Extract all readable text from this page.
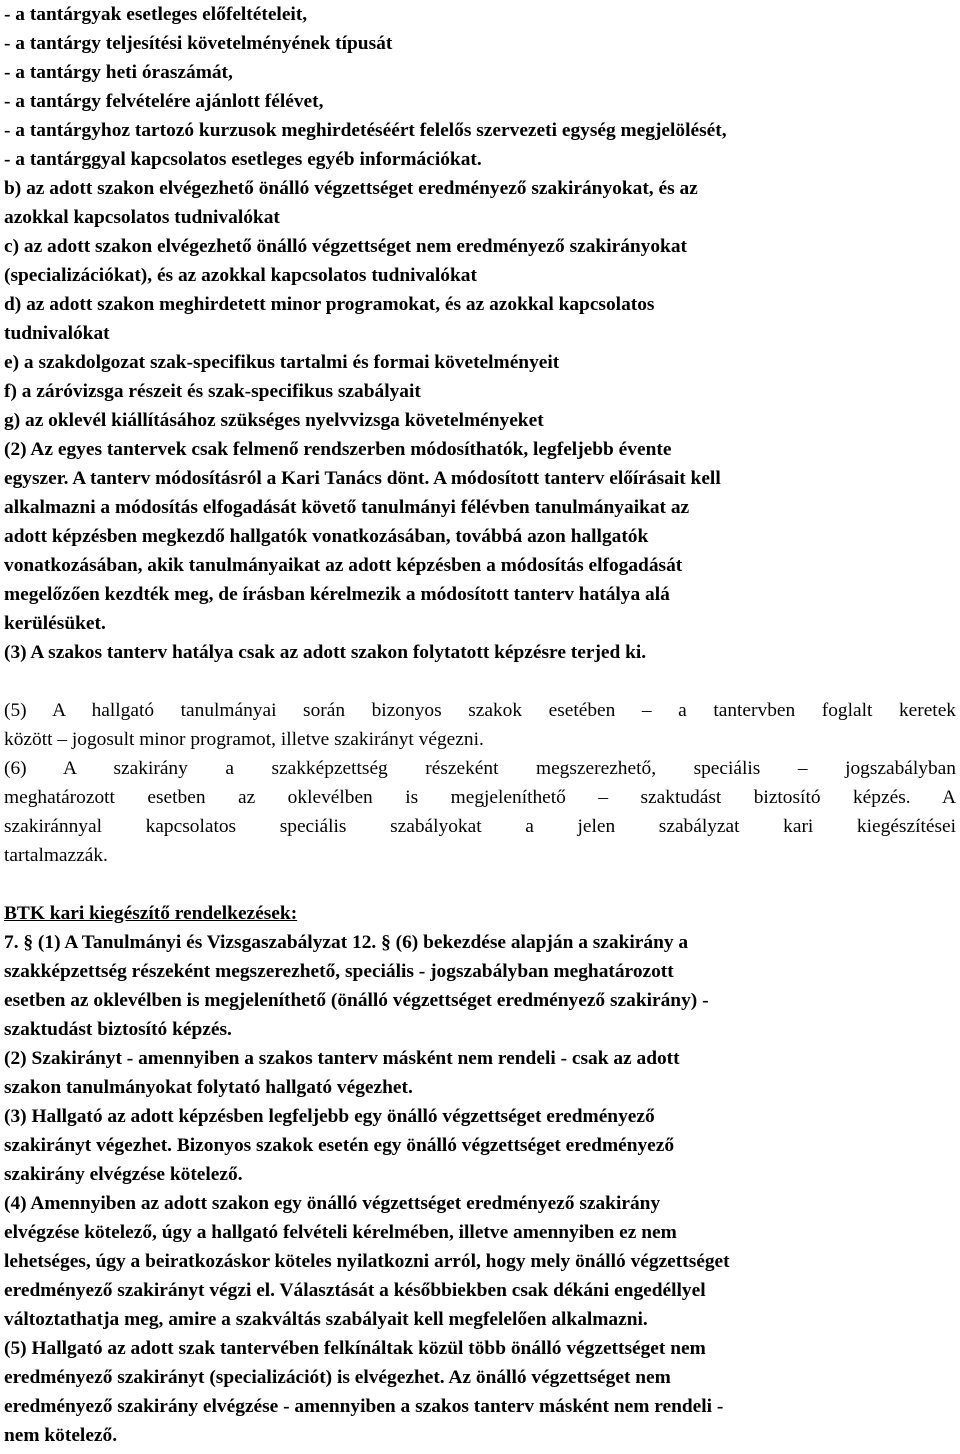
- a tantárgyak esetleges előfeltételeit,
- a tantárgy teljesítési követelményének típusát
- a tantárgy heti óraszámát,
- a tantárgy felvételére ajánlott félévet,
- a tantárgyhoz tartozó kurzusok meghirdetéséért felelős szervezeti egység megjelölését,
- a tantárggyal kapcsolatos esetleges egyéb információkat.
b) az adott szakon elvégezhető önálló végzettséget eredményező szakirányokat, és az
azokkal kapcsolatos tudnivalókat
c) az adott szakon elvégezhető önálló végzettséget nem eredményező szakirányokat
(specializációkat), és az azokkal kapcsolatos tudnivalókat
d) az adott szakon meghirdetett minor programokat, és az azokkal kapcsolatos
tudnivalókat
e) a szakdolgozat szak-specifikus tartalmi és formai követelményeit
f) a záróvizsga részeit és szak-specifikus szabályait
g) az oklevél kiállításához szükséges nyelvvizsga követelményeket
(2) Az egyes tantervek csak felmenő rendszerben módosíthatók, legfeljebb évente
egyszer. A tanterv módosításról a Kari Tanács dönt. A módosított tanterv előírásait kell
alkalmazni a módosítás elfogadását követő tanulmányi félévben tanulmányaikat az
adott képzésben megkezdő hallgatók vonatkozásában, továbbá azon hallgatók
vonatkozásában, akik tanulmányaikat az adott képzésben a módosítás elfogadását
megelőzően kezdték meg, de írásban kérelmezik a módosított tanterv hatálya alá
kerülésüket.
(3) A szakos tanterv hatálya csak az adott szakon folytatott képzésre terjed ki.
(5) A hallgató tanulmányai során bizonyos szakok esetében – a tantervben foglalt keretek
között – jogosult minor programot, illetve szakirányt végezni.
(6) A szakirány a szakképzettség részeként megszerezhető, speciális – jogszabályban
meghatározott esetben az oklevélben is megjeleníthető – szaktudást biztosító képzés. A
szakiránnyal kapcsolatos speciális szabályokat a jelen szabályzat kari kiegészítései
tartalmazzák.
BTK kari kiegészítő rendelkezések:
7. § (1) A Tanulmányi és Vizsgaszabályzat 12. § (6) bekezdése alapján a szakirány a
szakképzettség részeként megszerezhető, speciális - jogszabályban meghatározott
esetben az oklevélben is megjeleníthető (önálló végzettséget eredményező szakirány) -
szaktudást biztosító képzés.
(2) Szakirányt - amennyiben a szakos tanterv másként nem rendeli - csak az adott
szakon tanulmányokat folytató hallgató végezhet.
(3) Hallgató az adott képzésben legfeljebb egy önálló végzettséget eredményező
szakirányt végezhet. Bizonyos szakok esetén egy önálló végzettséget eredményező
szakirány elvégzése kötelező.
(4) Amennyiben az adott szakon egy önálló végzettséget eredményező szakirány
elvégzése kötelező, úgy a hallgató felvételi kérelmében, illetve amennyiben ez nem
lehetséges, úgy a beiratkozáskor köteles nyilatkozni arról, hogy mely önálló végzettséget
eredményező szakirányt végzi el. Választását a későbbiekben csak dékáni engedéllyel
változtathatja meg, amire a szakváltás szabályait kell megfelelően alkalmazni.
(5) Hallgató az adott szak tantervében felkínáltak közül több önálló végzettséget nem
eredményező szakirányt (specializációt) is elvégezhet. Az önálló végzettséget nem
eredményező szakirány elvégzése - amennyiben a szakos tanterv másként nem rendeli -
nem kötelező.
